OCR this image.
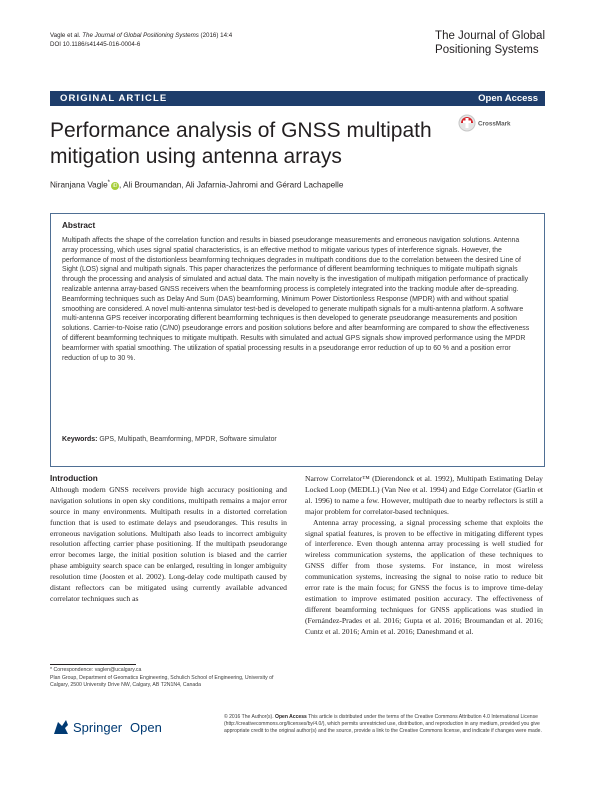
Vagle et al. The Journal of Global Positioning Systems (2016) 14:4
DOI 10.1186/s41445-016-0004-6
The Journal of Global
Positioning Systems
ORIGINAL ARTICLE	Open Access
Performance analysis of GNSS multipath
mitigation using antenna arrays
CrossMark
Niranjana Vagle* iD , Ali Broumandan, Ali Jafarnia-Jahromi and Gérard Lachapelle
Abstract
Multipath affects the shape of the correlation function and results in biased pseudorange measurements and erroneous navigation solutions. Antenna array processing, which uses signal spatial characteristics, is an effective method to mitigate various types of interference signals. However, the performance of most of the distortionless beamforming techniques degrades in multipath conditions due to the correlation between the desired Line of Sight (LOS) signal and multipath signals. This paper characterizes the performance of different beamforming techniques to mitigate multipath signals through the processing and analysis of simulated and actual data. The main novelty is the investigation of multipath mitigation performance of practically realizable antenna array-based GNSS receivers when the beamforming process is completely integrated into the tracking module after de-spreading. Beamforming techniques such as Delay And Sum (DAS) beamforming, Minimum Power Distortionless Response (MPDR) with and without spatial smoothing are considered. A novel multi-antenna simulator test-bed is developed to generate multipath signals for a multi-antenna platform. A software multi-antenna GPS receiver incorporating different beamforming techniques is then developed to generate pseudorange measurements and position solutions. Carrier-to-Noise ratio (C/N0) pseudorange errors and position solutions before and after beamforming are compared to show the effectiveness of different beamforming techniques to mitigate multipath. Results with simulated and actual GPS signals show improved performance using the MPDR beamformer with spatial smoothing. The utilization of spatial processing results in a pseudorange error reduction of up to 60 % and a position error reduction of up to 30 %.
Keywords: GPS, Multipath, Beamforming, MPDR, Software simulator
Introduction
Although modern GNSS receivers provide high accuracy positioning and navigation solutions in open sky conditions, multipath remains a major error source in many environments. Multipath results in a distorted correlation function that is used to estimate delays and pseudoranges. This results in erroneous navigation solutions. Multipath also leads to incorrect ambiguity resolution affecting carrier phase positioning. If the multipath pseudorange error becomes large, the initial position solution is biased and the carrier phase ambiguity search space can be enlarged, resulting in longer ambiguity resolution time (Joosten et al. 2002). Long-delay code multipath caused by distant reflectors can be mitigated using currently available advanced correlator techniques such as
Narrow Correlator™ (Dierendonck et al. 1992), Multipath Estimating Delay Locked Loop (MEDLL) (Van Nee et al. 1994) and Edge Correlator (Garlin et al. 1996) to name a few. However, multipath due to nearby reflectors is still a major problem for correlator-based techniques.
Antenna array processing, a signal processing scheme that exploits the signal spatial features, is proven to be effective in mitigating different types of interference. Even though antenna array processing is well studied for wireless communication systems, the application of these techniques to GNSS differ from those systems. For instance, in most wireless communication systems, increasing the signal to noise ratio to reduce bit error rate is the main focus; for GNSS the focus is to improve time-delay estimation to improve estimated position accuracy. The effectiveness of different beamforming techniques for GNSS applications was studied in (Fernández-Prades et al. 2016; Gupta et al. 2016; Broumandan et al. 2016; Cuntz et al. 2016; Arnin et al. 2016; Daneshmand et al.
* Correspondence: vaglen@ucalgary.ca
Plan Group, Department of Geomatics Engineering, Schulich School of Engineering, University of Calgary, 2500 University Drive NW, Calgary, AB T2N1N4, Canada
Springer Open
© 2016 The Author(s). Open Access This article is distributed under the terms of the Creative Commons Attribution 4.0 International License (http://creativecommons.org/licenses/by/4.0/), which permits unrestricted use, distribution, and reproduction in any medium, provided you give appropriate credit to the original author(s) and the source, provide a link to the Creative Commons license, and indicate if changes were made.
